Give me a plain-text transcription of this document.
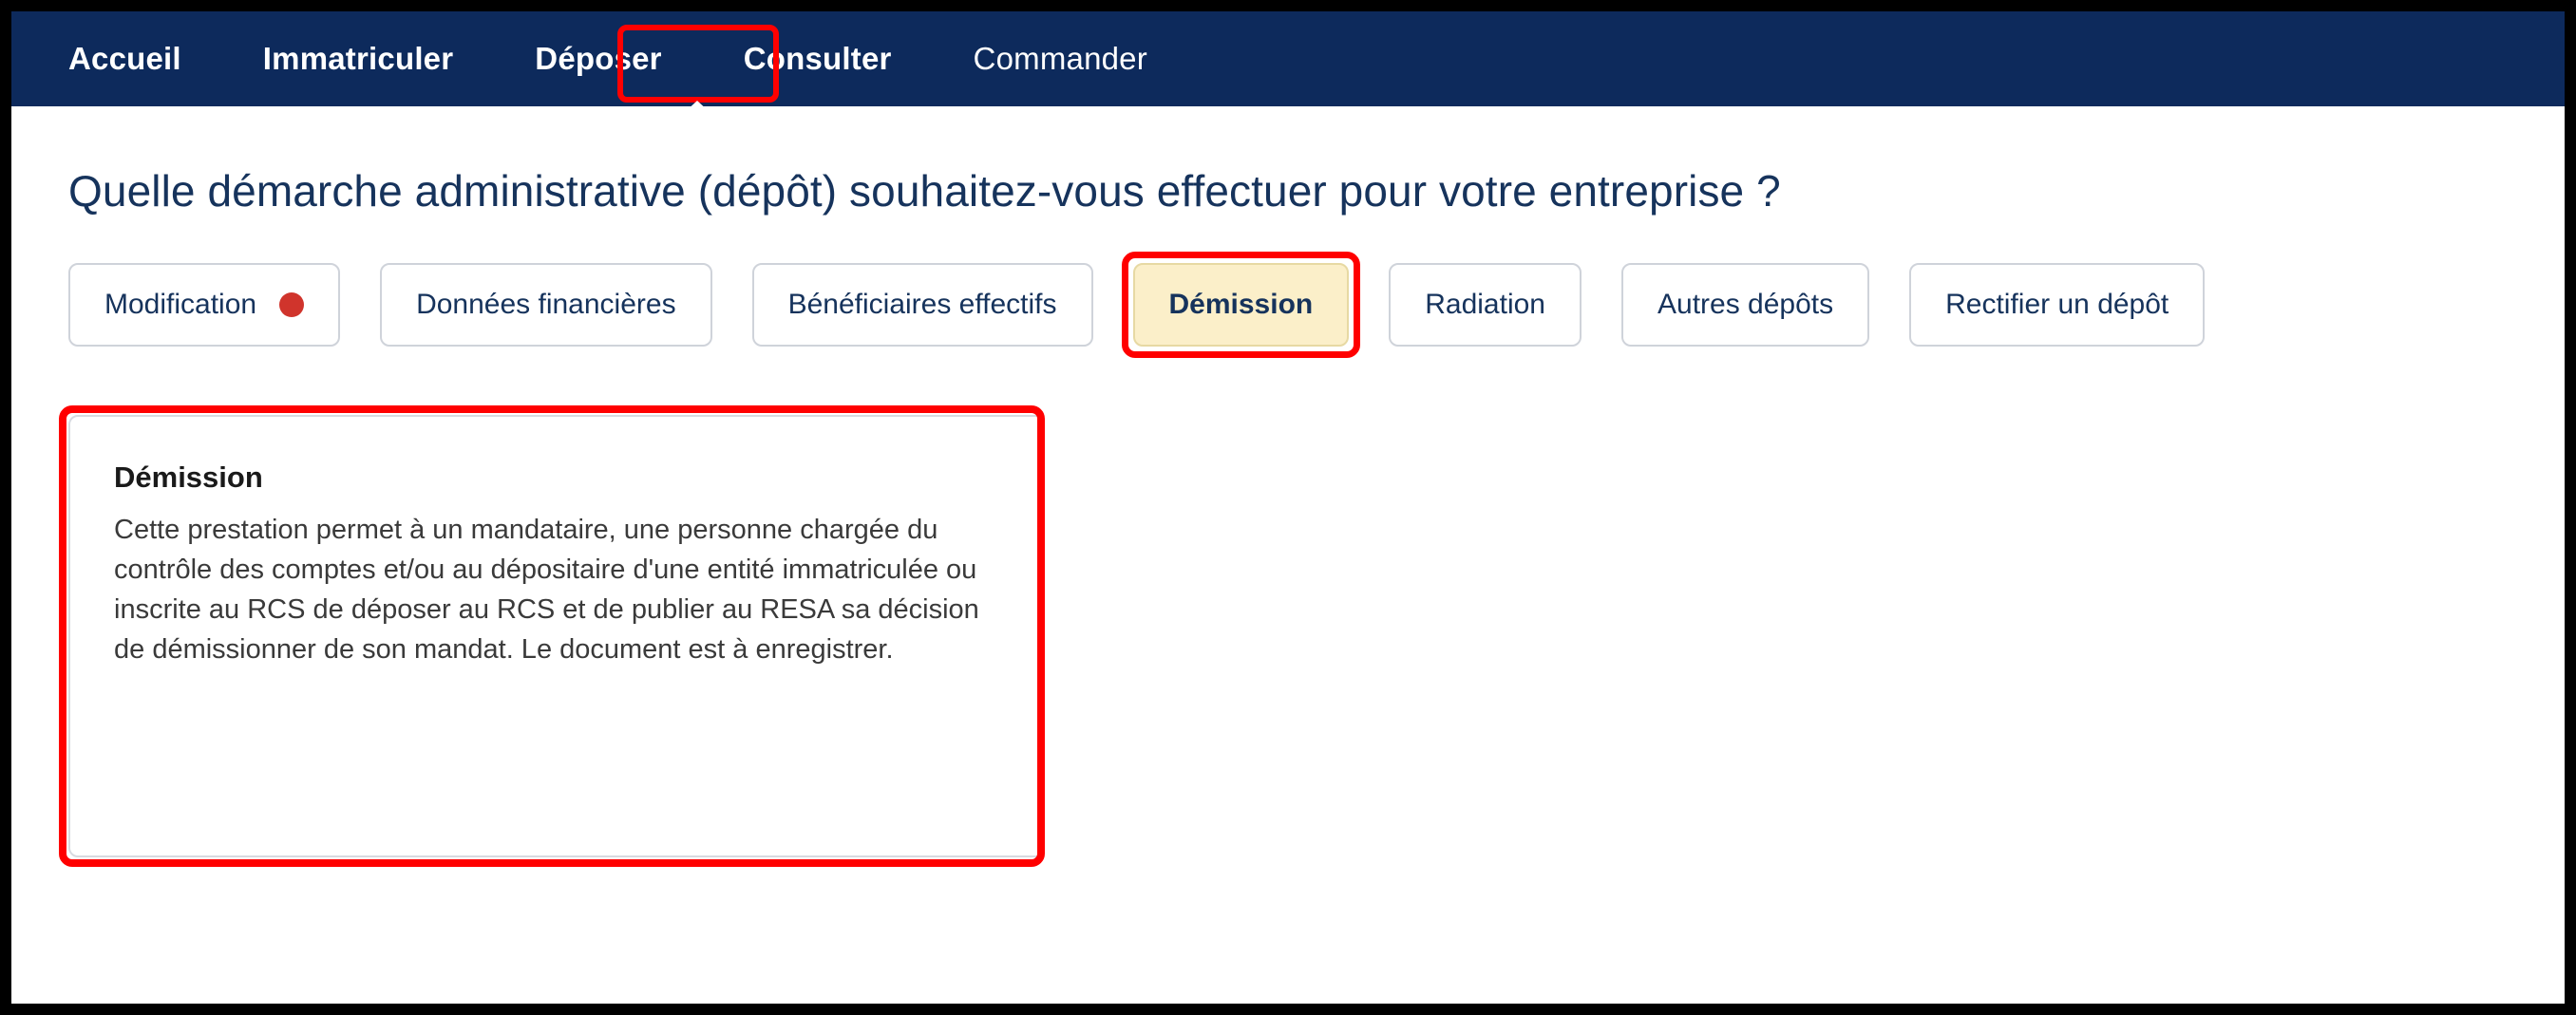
Accueil	Immatriculer	Déposer	Consulter	Commander
Quelle démarche administrative (dépôt) souhaitez-vous effectuer pour votre entreprise ?
Modification	Données financières	Bénéficiaires effectifs	Démission	Radiation	Autres dépôts	Rectifier un dépôt
Démission
Cette prestation permet à un mandataire, une personne chargée du contrôle des comptes et/ou au dépositaire d'une entité immatriculée ou inscrite au RCS de déposer au RCS et de publier au RESA sa décision de démissionner de son mandat. Le document est à enregistrer.
